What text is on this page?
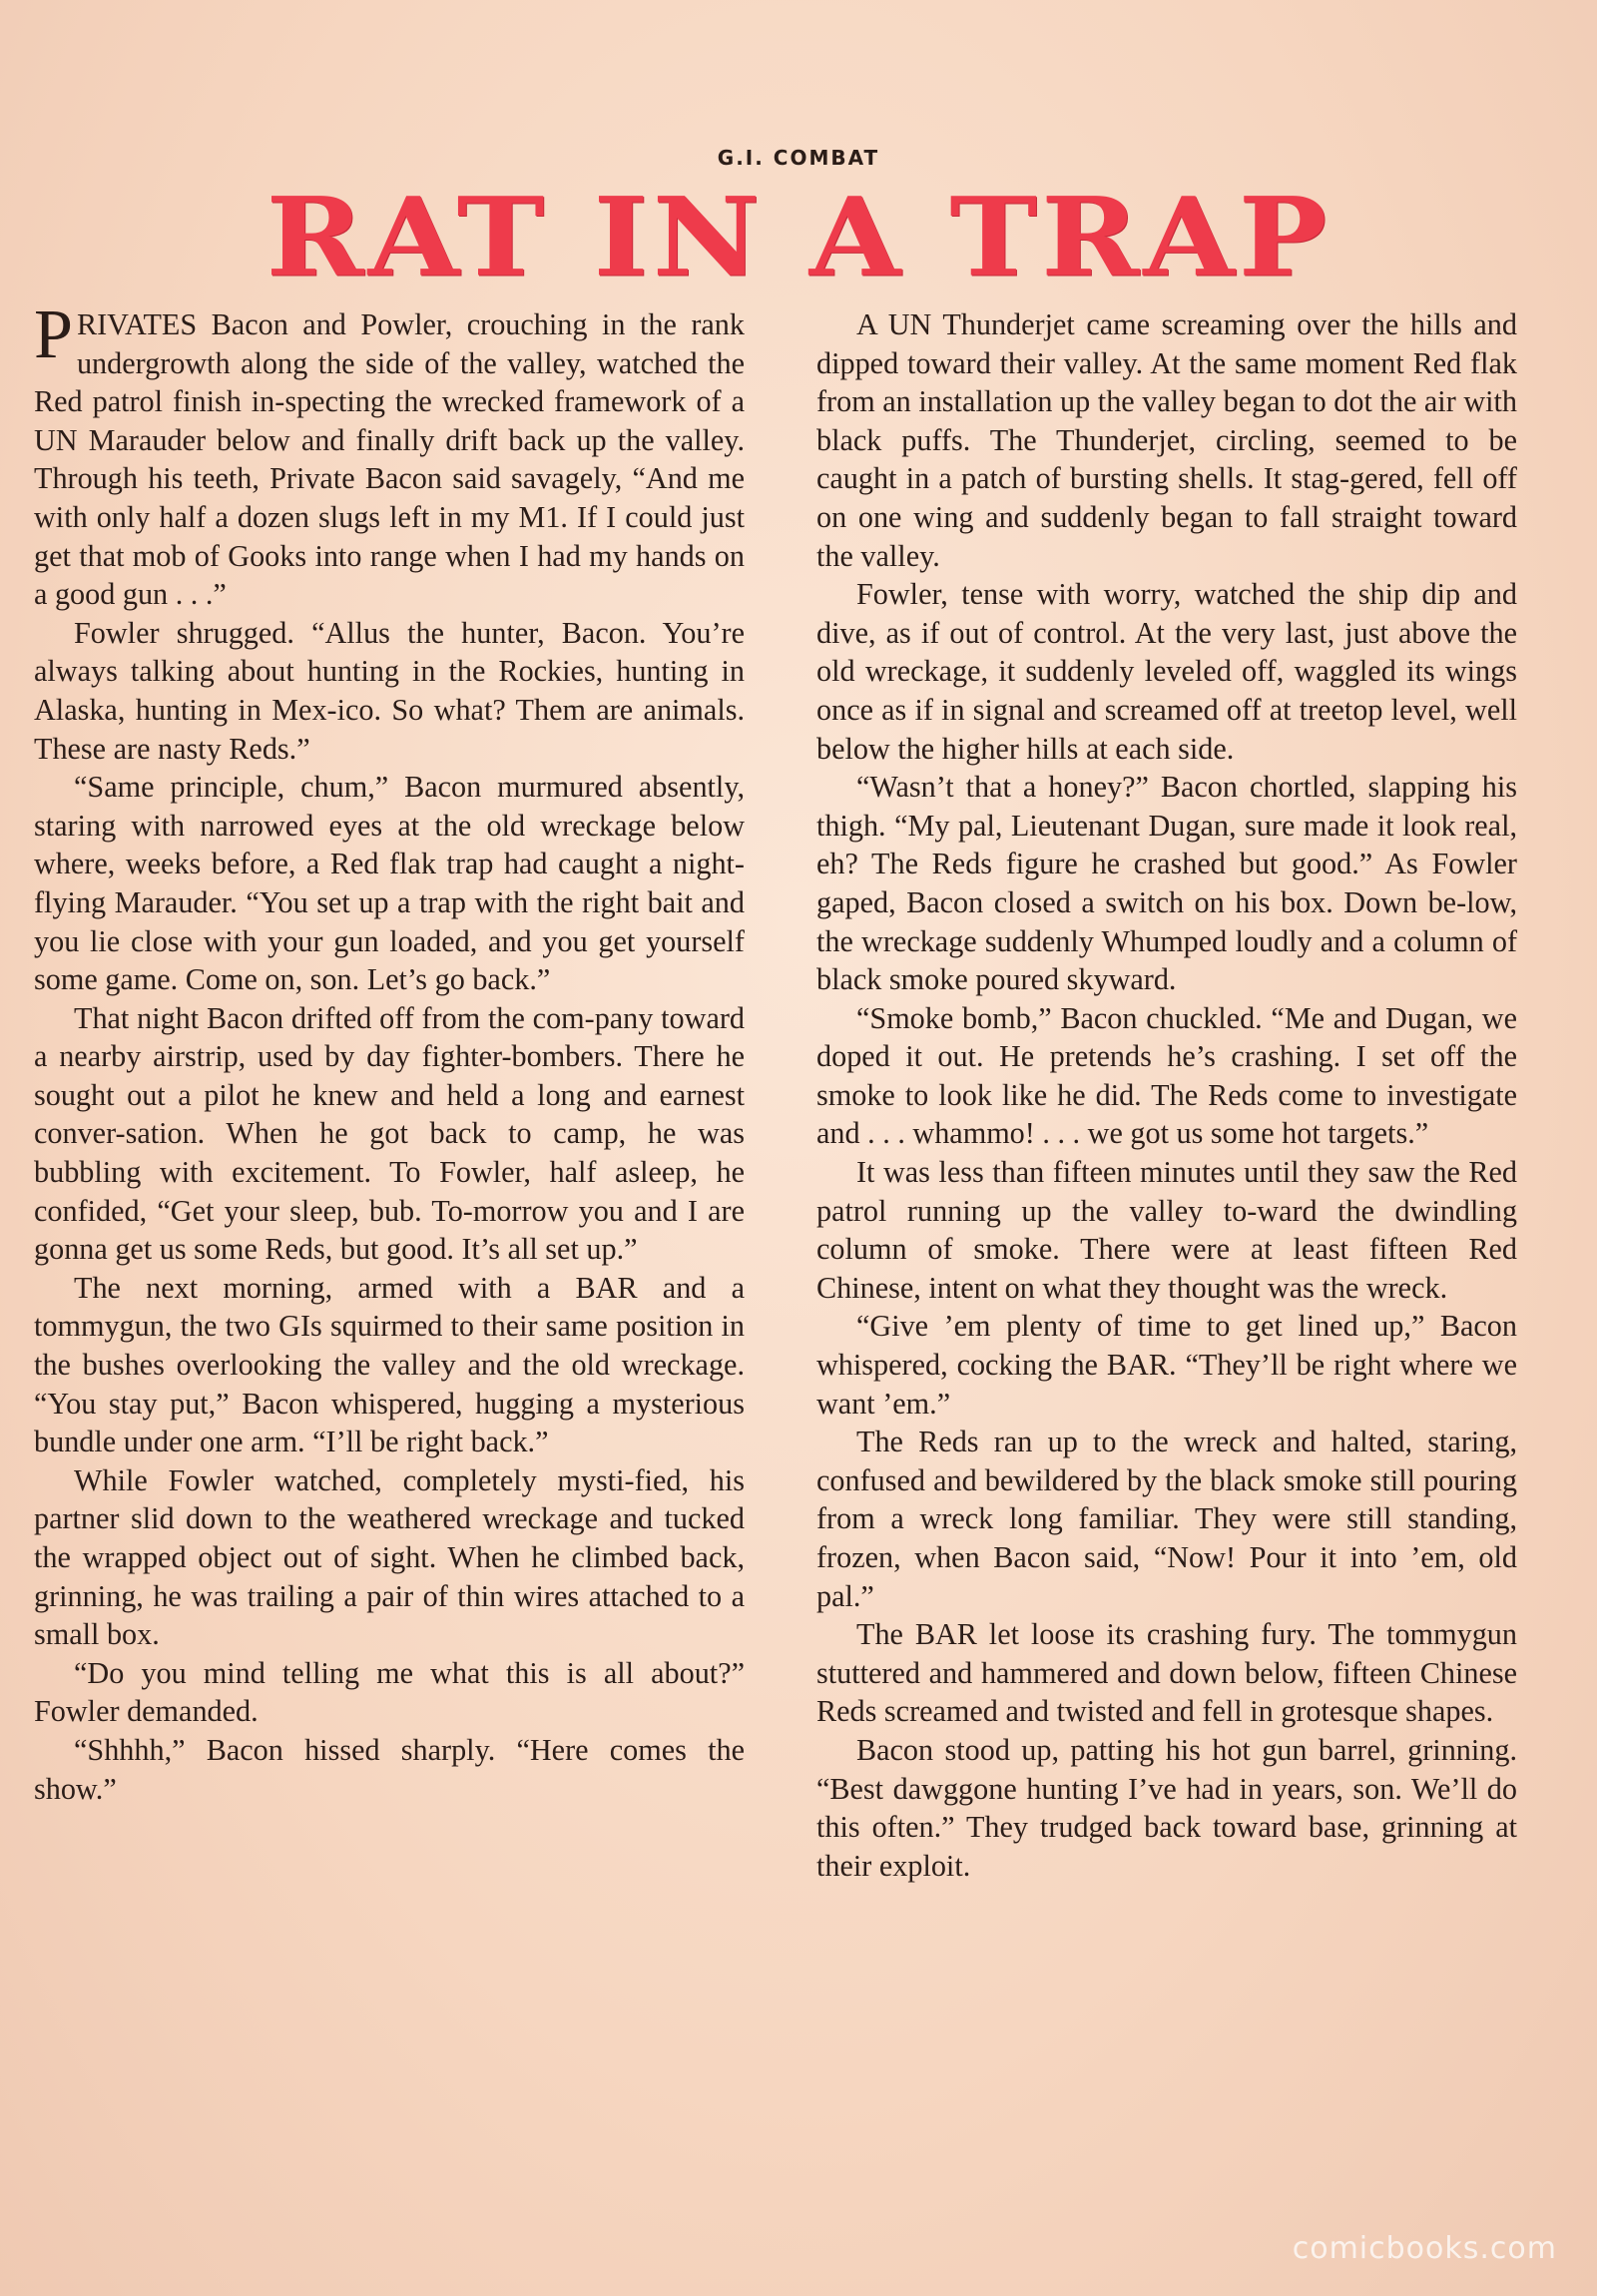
G.I. COMBAT
RAT IN A TRAP

PRIVATES Bacon and Powler, crouching in the rank undergrowth along the side of the valley, watched the Red patrol finish in-specting the wrecked framework of a UN Marauder below and finally drift back up the valley. Through his teeth, Private Bacon said savagely, “And me with only half a dozen slugs left in my M1. If I could just get that mob of Gooks into range when I had my hands on a good gun . . .”

Fowler shrugged. “Allus the hunter, Bacon. You’re always talking about hunting in the Rockies, hunting in Alaska, hunting in Mex-ico. So what? Them are animals. These are nasty Reds.”

“Same principle, chum,” Bacon murmured absently, staring with narrowed eyes at the old wreckage below where, weeks before, a Red flak trap had caught a night-flying Marauder. “You set up a trap with the right bait and you lie close with your gun loaded, and you get yourself some game. Come on, son. Let’s go back.”

That night Bacon drifted off from the com-pany toward a nearby airstrip, used by day fighter-bombers. There he sought out a pilot he knew and held a long and earnest conver-sation. When he got back to camp, he was bubbling with excitement. To Fowler, half asleep, he confided, “Get your sleep, bub. To-morrow you and I are gonna get us some Reds, but good. It’s all set up.”

The next morning, armed with a BAR and a tommygun, the two GIs squirmed to their same position in the bushes overlooking the valley and the old wreckage. “You stay put,” Bacon whispered, hugging a mysterious bundle under one arm. “I’ll be right back.”

While Fowler watched, completely mysti-fied, his partner slid down to the weathered wreckage and tucked the wrapped object out of sight. When he climbed back, grinning, he was trailing a pair of thin wires attached to a small box.

“Do you mind telling me what this is all about?” Fowler demanded.

“Shhhh,” Bacon hissed sharply. “Here comes the show.”

A UN Thunderjet came screaming over the hills and dipped toward their valley. At the same moment Red flak from an installation up the valley began to dot the air with black puffs. The Thunderjet, circling, seemed to be caught in a patch of bursting shells. It stag-gered, fell off on one wing and suddenly began to fall straight toward the valley.

Fowler, tense with worry, watched the ship dip and dive, as if out of control. At the very last, just above the old wreckage, it suddenly leveled off, waggled its wings once as if in signal and screamed off at treetop level, well below the higher hills at each side.

“Wasn’t that a honey?” Bacon chortled, slapping his thigh. “My pal, Lieutenant Dugan, sure made it look real, eh? The Reds figure he crashed but good.” As Fowler gaped, Bacon closed a switch on his box. Down be-low, the wreckage suddenly Whumped loudly and a column of black smoke poured skyward.

“Smoke bomb,” Bacon chuckled. “Me and Dugan, we doped it out. He pretends he’s crashing. I set off the smoke to look like he did. The Reds come to investigate and . . . whammo! . . . we got us some hot targets.”

It was less than fifteen minutes until they saw the Red patrol running up the valley to-ward the dwindling column of smoke. There were at least fifteen Red Chinese, intent on what they thought was the wreck.

“Give ’em plenty of time to get lined up,” Bacon whispered, cocking the BAR. “They’ll be right where we want ’em.”

The Reds ran up to the wreck and halted, staring, confused and bewildered by the black smoke still pouring from a wreck long familiar. They were still standing, frozen, when Bacon said, “Now! Pour it into ’em, old pal.”

The BAR let loose its crashing fury. The tommygun stuttered and hammered and down below, fifteen Chinese Reds screamed and twisted and fell in grotesque shapes.

Bacon stood up, patting his hot gun barrel, grinning. “Best dawggone hunting I’ve had in years, son. We’ll do this often.” They trudged back toward base, grinning at their exploit.

comicbooks.com
